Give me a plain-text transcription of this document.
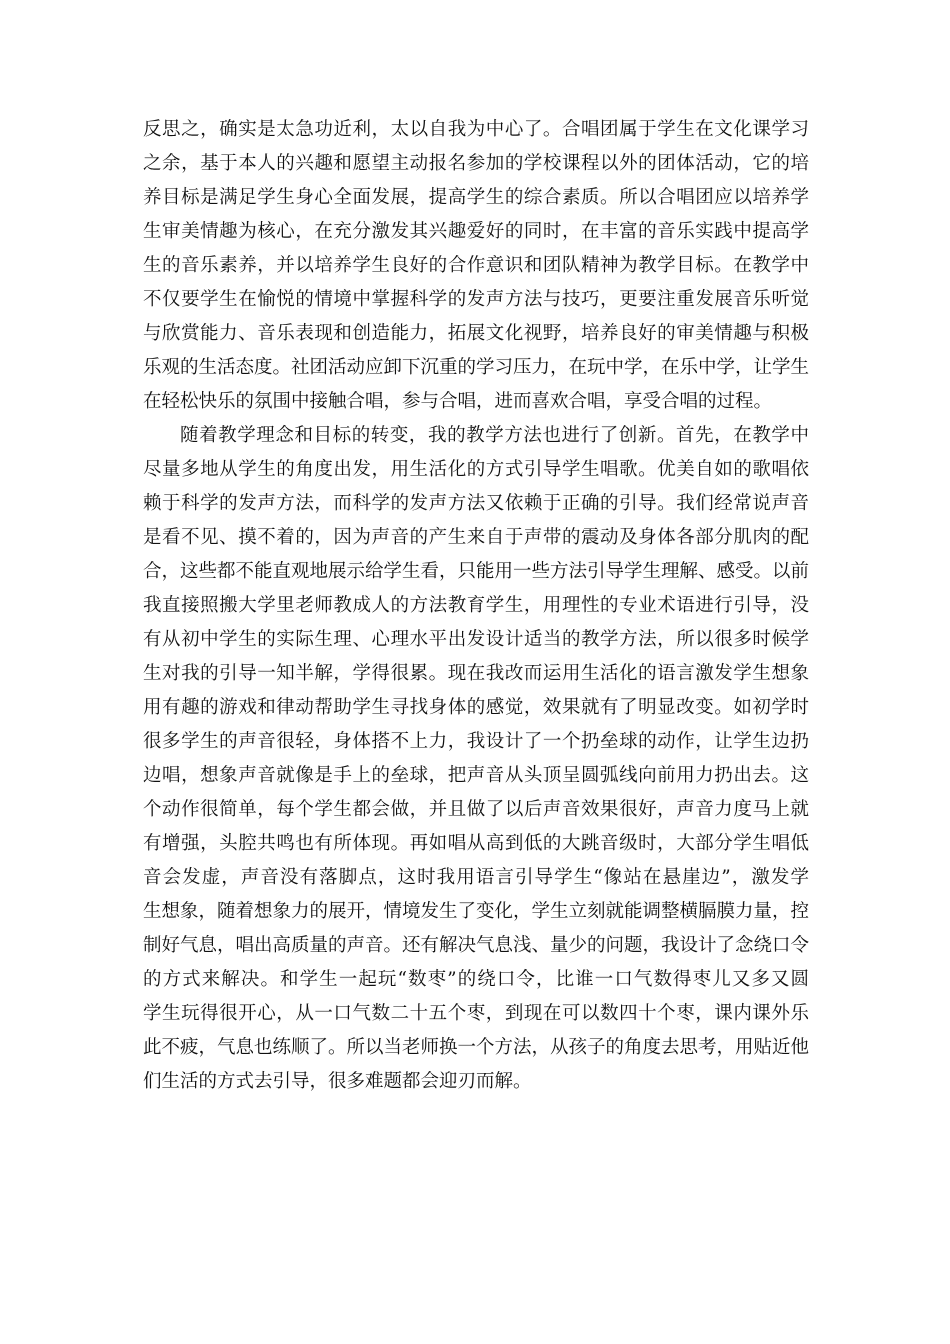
反思之，确实是太急功近利，太以自我为中心了。合唱团属于学生在文化课学习
之余，基于本人的兴趣和愿望主动报名参加的学校课程以外的团体活动，它的培
养目标是满足学生身心全面发展，提高学生的综合素质。所以合唱团应以培养学
生审美情趣为核心，在充分激发其兴趣爱好的同时，在丰富的音乐实践中提高学
生的音乐素养，并以培养学生良好的合作意识和团队精神为教学目标。在教学中
不仅要学生在愉悦的情境中掌握科学的发声方法与技巧，更要注重发展音乐听觉
与欣赏能力、音乐表现和创造能力，拓展文化视野，培养良好的审美情趣与积极
乐观的生活态度。社团活动应卸下沉重的学习压力，在玩中学，在乐中学，让学生
在轻松快乐的氛围中接触合唱，参与合唱，进而喜欢合唱，享受合唱的过程。
随着教学理念和目标的转变，我的教学方法也进行了创新。首先，在教学中
尽量多地从学生的角度出发，用生活化的方式引导学生唱歌。优美自如的歌唱依
赖于科学的发声方法，而科学的发声方法又依赖于正确的引导。我们经常说声音
是看不见、摸不着的，因为声音的产生来自于声带的震动及身体各部分肌肉的配
合，这些都不能直观地展示给学生看，只能用一些方法引导学生理解、感受。以前
我直接照搬大学里老师教成人的方法教育学生，用理性的专业术语进行引导，没
有从初中学生的实际生理、心理水平出发设计适当的教学方法，所以很多时候学
生对我的引导一知半解，学得很累。现在我改而运用生活化的语言激发学生想象
用有趣的游戏和律动帮助学生寻找身体的感觉，效果就有了明显改变。如初学时
很多学生的声音很轻，身体搭不上力，我设计了一个扔垒球的动作，让学生边扔
边唱，想象声音就像是手上的垒球，把声音从头顶呈圆弧线向前用力扔出去。这
个动作很简单，每个学生都会做，并且做了以后声音效果很好，声音力度马上就
有增强，头腔共鸣也有所体现。再如唱从高到低的大跳音级时，大部分学生唱低
音会发虚，声音没有落脚点，这时我用语言引导学生“像站在悬崖边”，激发学
生想象，随着想象力的展开，情境发生了变化，学生立刻就能调整横膈膜力量，控
制好气息，唱出高质量的声音。还有解决气息浅、量少的问题，我设计了念绕口令
的方式来解决。和学生一起玩“数枣”的绕口令，比谁一口气数得枣儿又多又圆
学生玩得很开心，从一口气数二十五个枣，到现在可以数四十个枣，课内课外乐
此不疲，气息也练顺了。所以当老师换一个方法，从孩子的角度去思考，用贴近他
们生活的方式去引导，很多难题都会迎刃而解。
